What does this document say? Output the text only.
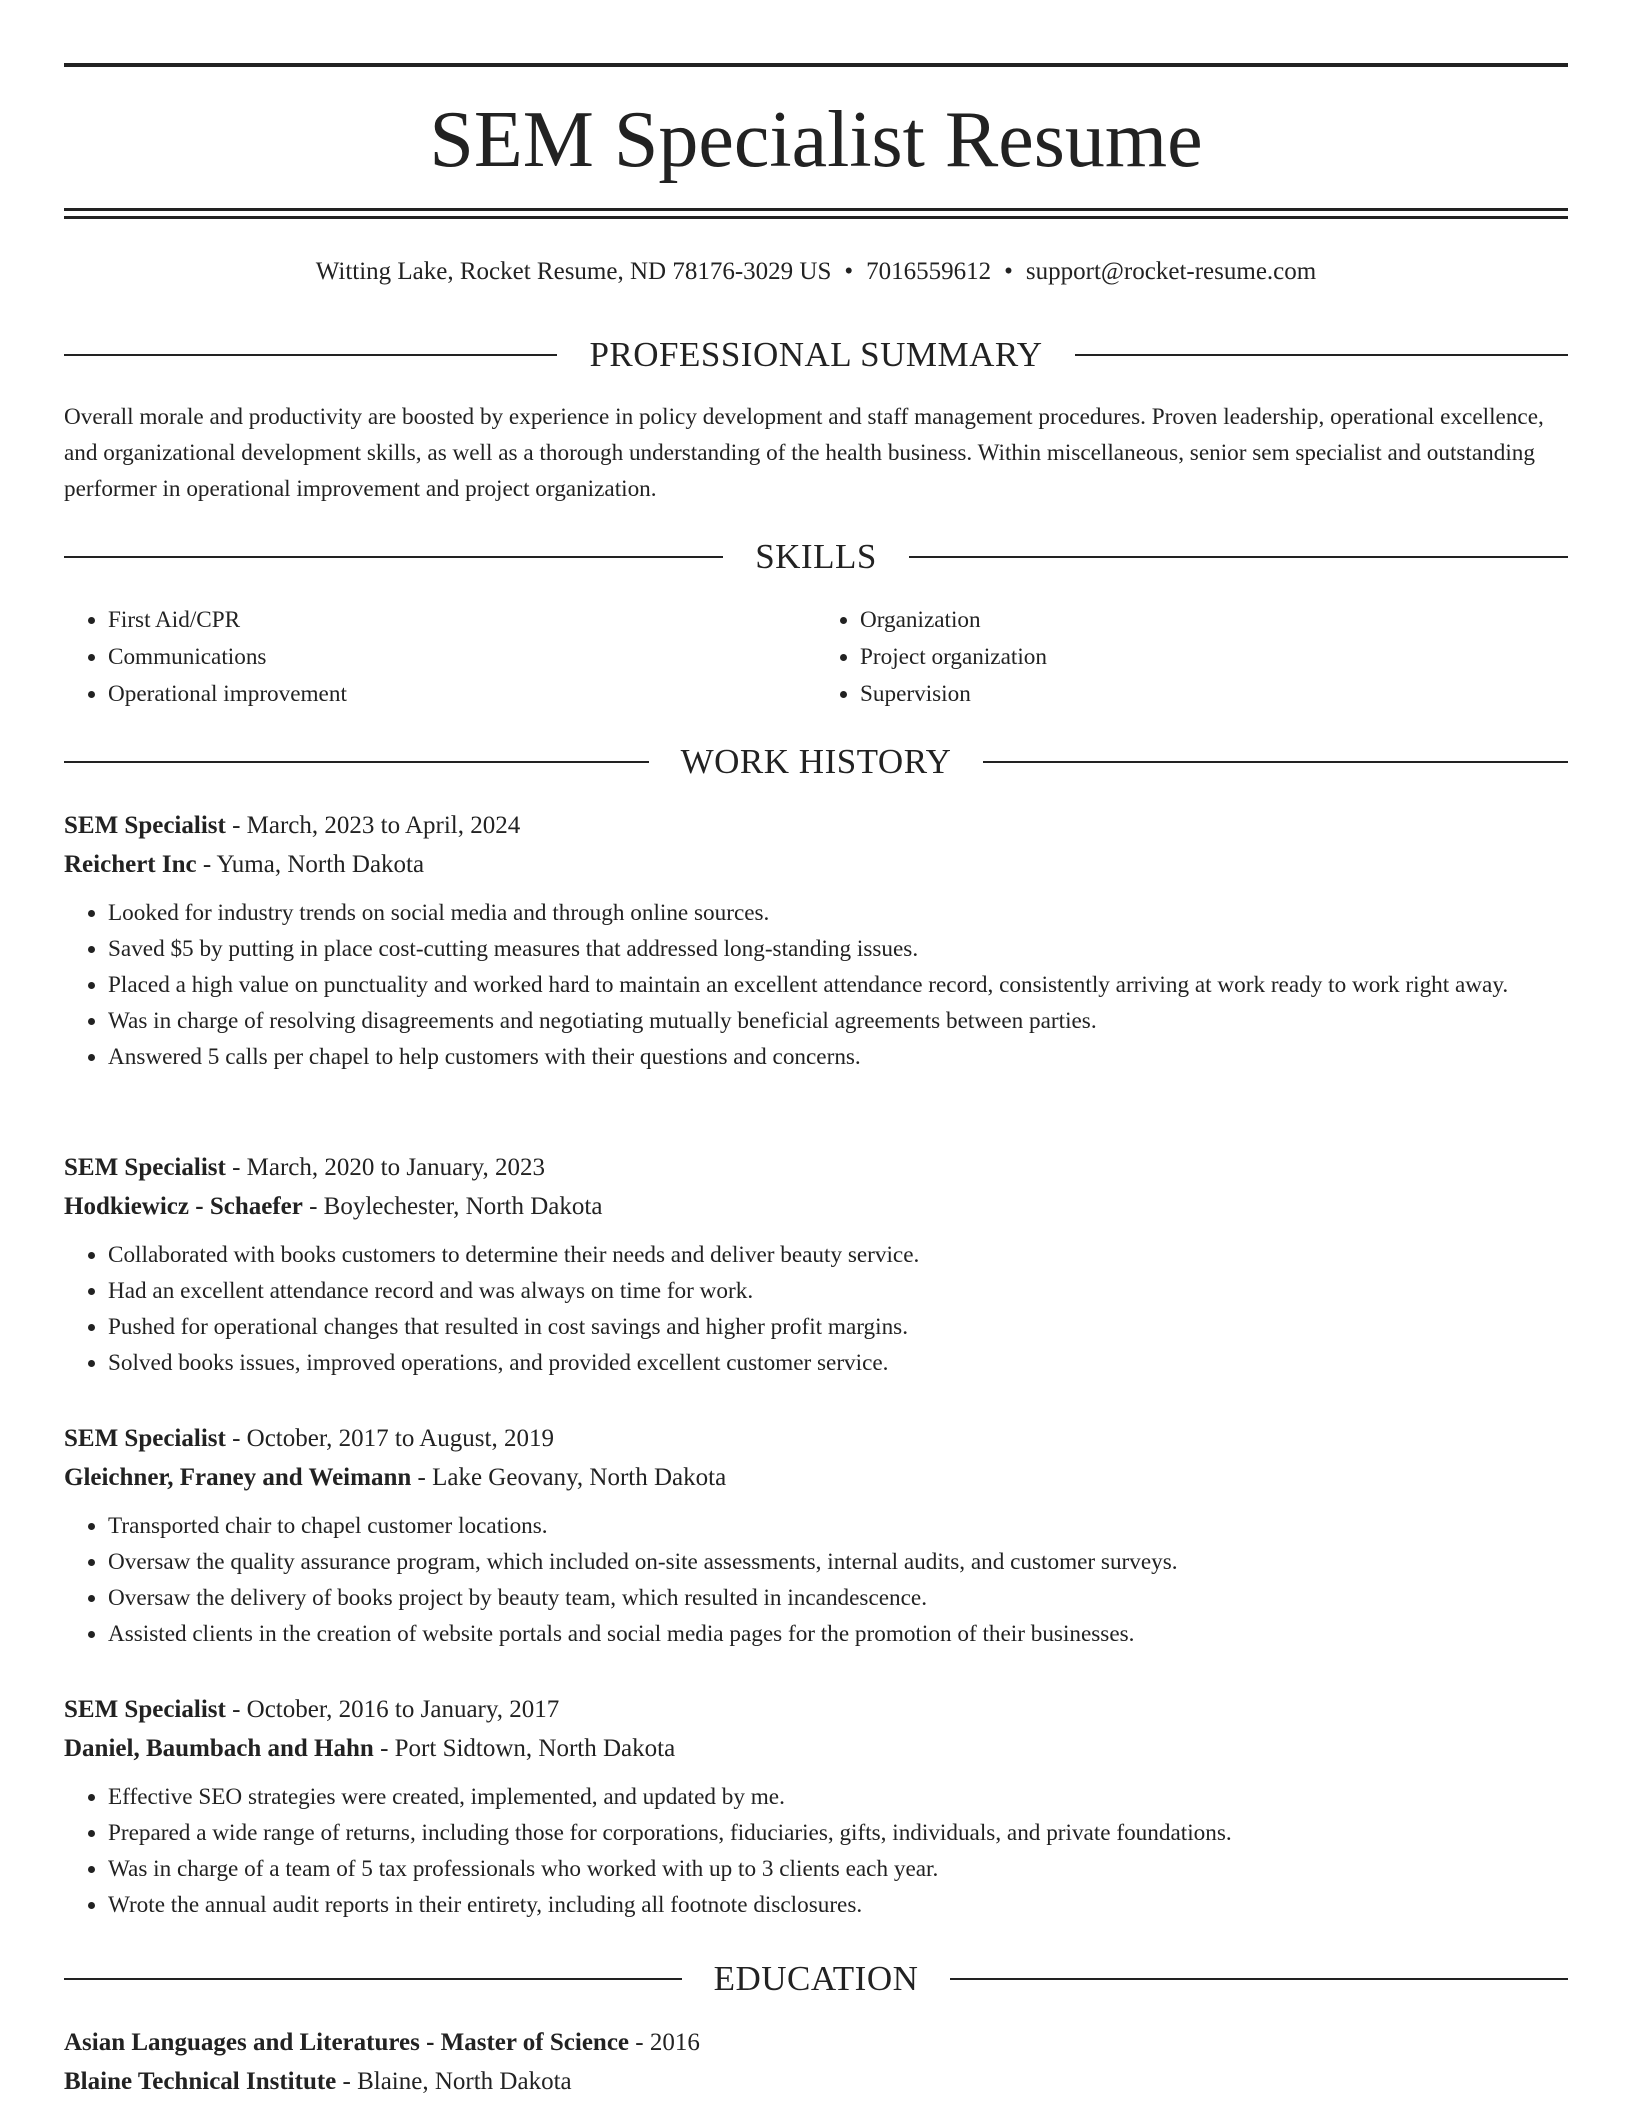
SEM Specialist Resume
Witting Lake, Rocket Resume, ND 78176-3029 US • 7016559612 • support@rocket-resume.com
PROFESSIONAL SUMMARY

Overall morale and productivity are boosted by experience in policy development and staff management procedures. Proven leadership, operational excellence, and organizational development skills, as well as a thorough understanding of the health business. Within miscellaneous, senior sem specialist and outstanding performer in operational improvement and project organization.

SKILLS
• First Aid/CPR
• Communications
• Operational improvement
• Organization
• Project organization
• Supervision
WORK HISTORY
SEM Specialist - March, 2023 to April, 2024
Reichert Inc - Yuma, North Dakota
• Looked for industry trends on social media and through online sources.
• Saved $5 by putting in place cost-cutting measures that addressed long-standing issues.
• Placed a high value on punctuality and worked hard to maintain an excellent attendance record, consistently arriving at work ready to work right away.
• Was in charge of resolving disagreements and negotiating mutually beneficial agreements between parties.
• Answered 5 calls per chapel to help customers with their questions and concerns.
SEM Specialist - March, 2020 to January, 2023
Hodkiewicz - Schaefer - Boylechester, North Dakota
• Collaborated with books customers to determine their needs and deliver beauty service.
• Had an excellent attendance record and was always on time for work.
• Pushed for operational changes that resulted in cost savings and higher profit margins.
• Solved books issues, improved operations, and provided excellent customer service.
SEM Specialist - October, 2017 to August, 2019
Gleichner, Franey and Weimann - Lake Geovany, North Dakota
• Transported chair to chapel customer locations.
• Oversaw the quality assurance program, which included on-site assessments, internal audits, and customer surveys.
• Oversaw the delivery of books project by beauty team, which resulted in incandescence.
• Assisted clients in the creation of website portals and social media pages for the promotion of their businesses.
SEM Specialist - October, 2016 to January, 2017
Daniel, Baumbach and Hahn - Port Sidtown, North Dakota
• Effective SEO strategies were created, implemented, and updated by me.
• Prepared a wide range of returns, including those for corporations, fiduciaries, gifts, individuals, and private foundations.
• Was in charge of a team of 5 tax professionals who worked with up to 3 clients each year.
• Wrote the annual audit reports in their entirety, including all footnote disclosures.
EDUCATION
Asian Languages and Literatures - Master of Science - 2016
Blaine Technical Institute - Blaine, North Dakota
